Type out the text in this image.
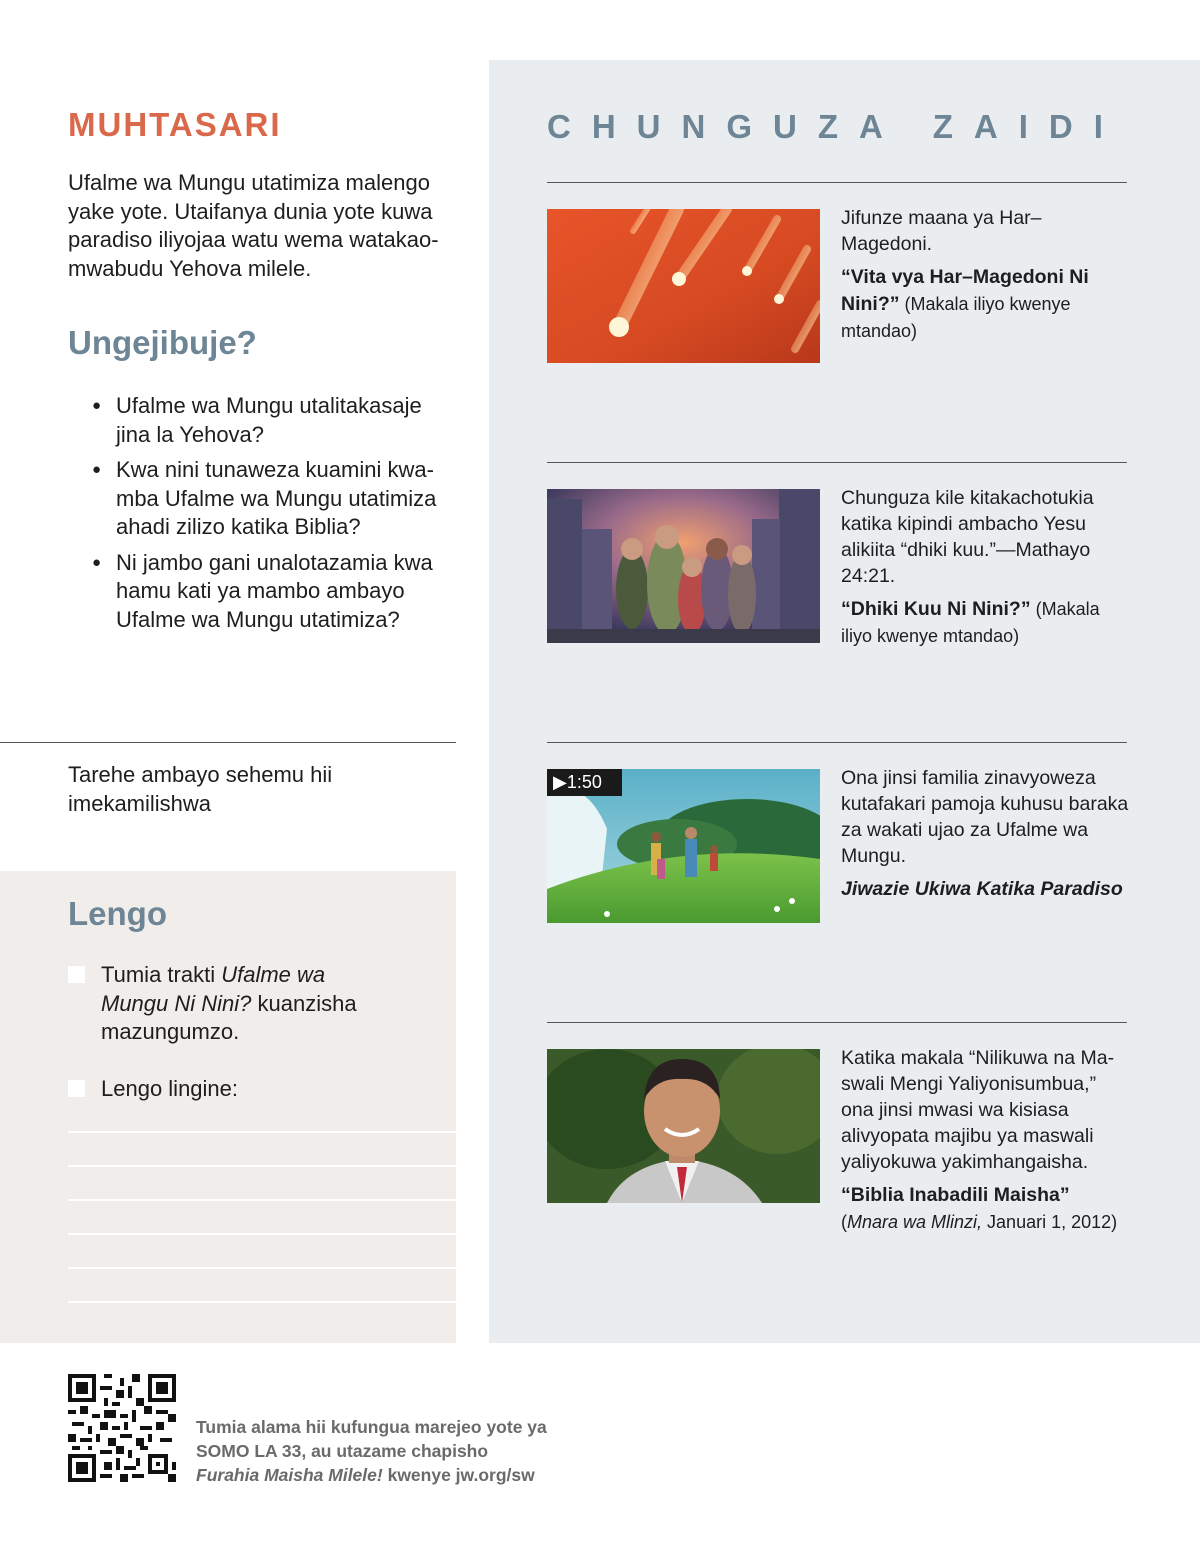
MUHTASARI

Ufalme wa Mungu utatimiza malengo yake yote. Utaifanya dunia yote kuwa paradiso iliyojaa watu wema watakao-mwabudu Yehova milele.

Ungejibuje?
● Ufalme wa Mungu utalitakasaje jina la Yehova?
● Kwa nini tunaweza kuamini kwa-mba Ufalme wa Mungu utatimiza ahadi zilizo katika Biblia?
● Ni jambo gani unalotazamia kwa hamu kati ya mambo ambayo Ufalme wa Mungu utatimiza?

Tarehe ambayo sehemu hii imekamilishwa

Lengo
Tumia trakti Ufalme wa Mungu Ni Nini? kuanzisha mazungumzo.
Lengo lingine:
CHUNGUZA ZAIDI

Jifunze maana ya Har–Magedoni.

“Vita vya Har–Magedoni Ni Nini?” (Makala iliyo kwenye mtandao)

Chunguza kile kitakachotukia katika kipindi ambacho Yesu alikiita “dhiki kuu.”—Mathayo 24:21.

“Dhiki Kuu Ni Nini?” (Makala iliyo kwenye mtandao)

▶1:50	Ona jinsi familia zinavyoweza kutafakari pamoja kuhusu baraka za wakati ujao za Ufalme wa Mungu.

Jiwazie Ukiwa Katika Paradiso

Katika makala “Nilikuwa na Ma-swali Mengi Yaliyonisumbua,” ona jinsi mwasi wa kisiasa alivyopata majibu ya maswali yaliyokuwa yakimhangaisha.

“Biblia Inabadili Maisha”
(Mnara wa Mlinzi, Januari 1, 2012)

Tumia alama hii kufungua marejeo yote ya SOMO LA 33, au utazame chapisho
Furahia Maisha Milele! kwenye jw.org/sw
